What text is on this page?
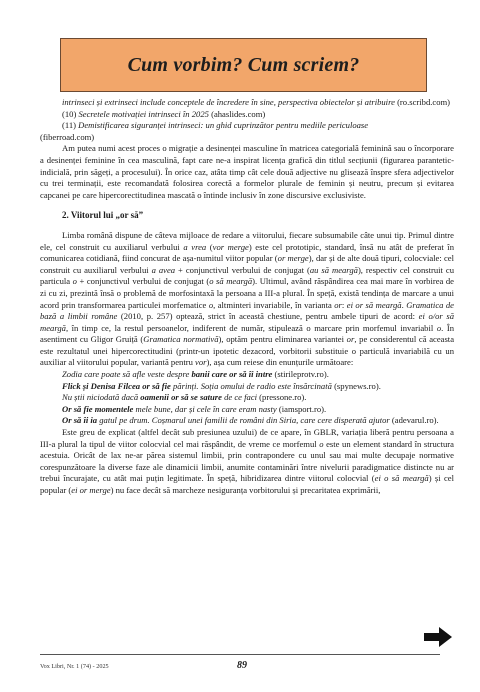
Cum vorbim? Cum scriem?

intrinseci și extrinseci include conceptele de încredere în sine, perspectiva obiectelor și atribuire (ro.scribd.com)

(10) Secretele motivației intrinseci în 2025 (ahaslides.com)

(11) Demistificarea siguranței intrinseci: un ghid cuprinzător pentru mediile periculoase

(fiberroad.com)

Am putea numi acest proces o migrație a desinenței masculine în matricea categorială feminină sau o încorporare a desinenței feminine în cea masculină, fapt care ne-a inspirat licența grafică din titlul secțiunii (figurarea parantetic-indicială, prin săgeți, a procesului). În orice caz, atâta timp cât cele două adjective nu glisează înspre sfera adjectivelor cu trei terminații, este recomandată folosirea corectă a formelor plurale de feminin și neutru, precum și evitarea capcanei pe care hipercorectitudinea mascată o întinde inclusiv în zone discursive exclusiviste.

2. Viitorul lui „or să”

Limba română dispune de câteva mijloace de redare a viitorului, fiecare subsumabile câte unui tip. Primul dintre ele, cel construit cu auxiliarul verbului a vrea (vor merge) este cel prototipic, standard, însă nu atât de preferat în comunicarea cotidiană, fiind concurat de așa-numitul viitor popular (or merge), dar și de alte două tipuri, colocviale: cel construit cu auxiliarul verbului a avea + conjunctivul verbului de conjugat (au să meargă), respectiv cel construit cu particula o + conjunctivul verbului de conjugat (o să meargă). Ultimul, având răspândirea cea mai mare în vorbirea de zi cu zi, prezintă însă o problemă de morfosintaxă la persoana a III-a plural. În speță, există tendința de marcare a unui acord prin transformarea particulei morfematice o, altminteri invariabile, în varianta or: ei or să meargă. Gramatica de bază a limbii române (2010, p. 257) optează, strict în această chestiune, pentru ambele tipuri de acord: ei o/or să meargă, în timp ce, la restul persoanelor, indiferent de număr, stipulează o marcare prin morfemul invariabil o. În asentiment cu Gligor Gruiță (Gramatica normativă), optăm pentru eliminarea variantei or, pe considerentul că aceasta este rezultatul unei hipercorectitudini (printr-un ipotetic dezacord, vorbitorii substituie o particulă invariabilă cu un auxiliar al viitorului popular, variantă pentru vor), așa cum reiese din enunțurile următoare:

Zodia care poate să afle veste despre banii care or să îi intre (stirileprotv.ro).

Flick și Denisa Filcea or să fie părinți. Soția omului de radio este însărcinată (spynews.ro).

Nu știi niciodată dacă oamenii or să se sature de ce faci (pressone.ro).

Or să fie momentele mele bune, dar și cele în care eram nasty (iamsport.ro).

Or să îi ia gatul pe drum. Coșmarul unei familii de români din Siria, care cere disperată ajutor (adevarul.ro).

Este greu de explicat (altfel decât sub presiunea uzului) de ce apare, în GBLR, variația liberă pentru persoana a III-a plural la tipul de viitor colocvial cel mai răspândit, de vreme ce morfemul o este un element standard în structura acestuia. Oricât de lax ne-ar părea sistemul limbii, prin contrapondere cu unul sau mai multe decupaje normative corespunzătoare la diverse faze ale dinamicii limbii, anumite contaminări între nivelurii paradigmatice distincte nu ar trebui încurajate, cu atât mai puțin legitimate. În speță, hibridizarea dintre viitorul colocvial (ei o să meargă) și cel popular (ei or merge) nu face decât să marcheze nesiguranța vorbitorului și precaritatea exprimării,

Vox Libri, Nr. 1 (74) - 2025	89
